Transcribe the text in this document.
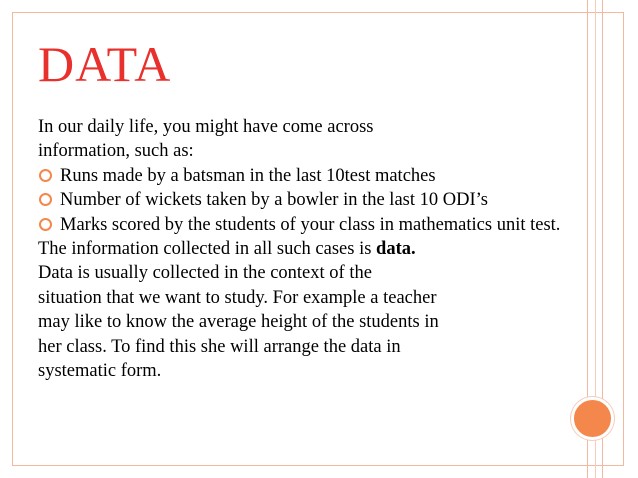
DATA

In our daily life, you might have come across

information, such as:

Runs made by a batsman in the last 10test matches
Number of wickets taken by a bowler in the last 10 ODI’s
Marks scored by the students of your class in mathematics unit test.

The information collected in all such cases is data.

Data is usually collected in the context of the

situation that we want to study. For example a teacher

may like to know the average height of the students in

her class. To find this she will arrange the data in

systematic form.
